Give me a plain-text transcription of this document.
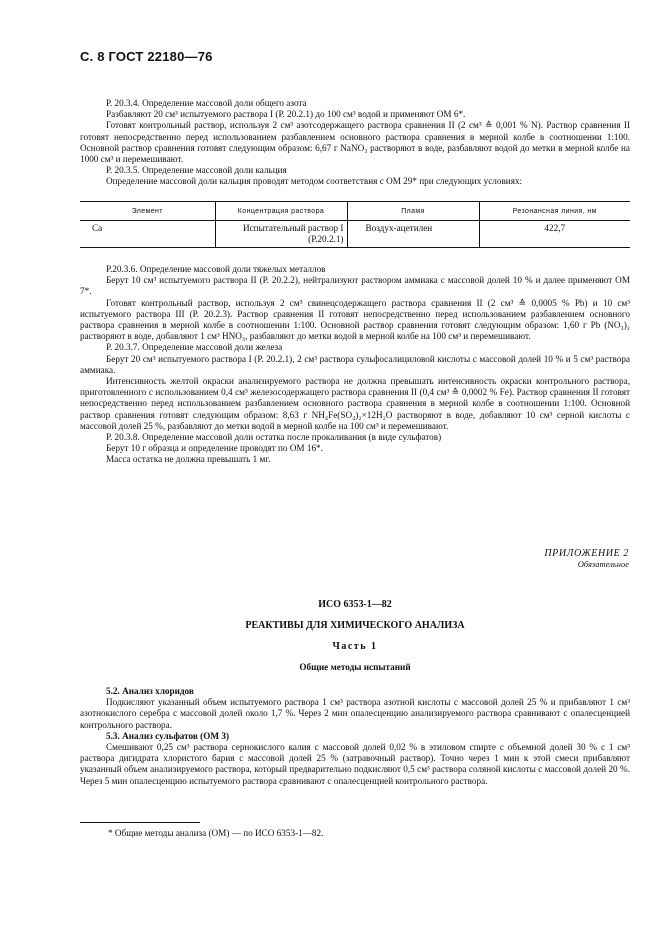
С. 8 ГОСТ 22180—76

Р. 20.3.4. Определение массовой доли общего азота

Разбавляют 20 см³ испытуемого раствора I (Р. 20.2.1) до 100 см³ водой и применяют ОМ 6*.

Готовят контрольный раствор, используя 2 см³ азотсодержащего раствора сравнения II (2 см³ ≙ 0,001 % N). Раствор сравнения II готовят непосредственно перед использованием разбавлением основного раствора сравнения в мерной колбе в соотношении 1:100. Основной раствор сравнения готовят следующим образом: 6,67 г NaNO₃ растворяют в воде, разбавляют водой до метки в мерной колбе на 1000 см³ и перемешивают.

Р. 20.3.5. Определение массовой доли кальция

Определение массовой доли кальция проводят методом соответствия с ОМ 29* при следующих условиях:

Элемент	Концентрация раствора	Пламя	Резонансная линия, нм
Са	Испытательный раствор I (Р.20.2.1)	Воздух-ацетилен	422,7

Р.20.3.6. Определение массовой доли тяжелых металлов

Берут 10 см³ испытуемого раствора II (Р. 20.2.2), нейтрализуют раствором аммиака с массовой долей 10 % и далее применяют ОМ 7*.

Готовят контрольный раствор, используя 2 см³ свинецсодержащего раствора сравнения II (2 см³ ≙ 0,0005 % Pb) и 10 см³ испытуемого раствора III (Р. 20.2.3). Раствор сравнения II готовят непосредственно перед использованием разбавлением основного раствора сравнения в мерной колбе в соотношении 1:100. Основной раствор сравнения готовят следующим образом: 1,60 г Pb (NO₃)₂ растворяют в воде, добавляют 1 см³ HNO₃, разбавляют до метки водой в мерной колбе на 100 см³ и перемешивают.

Р. 20.3.7. Определение массовой доли железа

Берут 20 см³ испытуемого раствора I (Р. 20.2.1), 2 см³ раствора сульфосалициловой кислоты с массовой долей 10 % и 5 см³ раствора аммиака.

Интенсивность желтой окраски анализируемого раствора не должна превышать интенсивность окраски контрольного раствора, приготовленного с использованием 0,4 см³ железосодержащего раствора сравнения II (0,4 см³ ≙ 0,0002 % Fe). Раствор сравнения II готовят непосредственно перед использованием разбавлением основного раствора сравнения в мерной колбе в соотношении 1:100. Основной раствор сравнения готовят следующим образом: 8,63 г NH₄Fe(SO₄)₂×12H₂O растворяют в воде, добавляют 10 см³ серной кислоты с массовой долей 25 %, разбавляют до метки водой в мерной колбе на 100 см³ и перемешивают.

Р. 20.3.8. Определение массовой доли остатка после прокаливания (в виде сульфатов)

Берут 10 г образца и определение проводят по ОМ 16*.

Масса остатка не должна превышать 1 мг.

ПРИЛОЖЕНИЕ 2
Обязательное
ИСО 6353-1—82
РЕАКТИВЫ ДЛЯ ХИМИЧЕСКОГО АНАЛИЗА
Часть 1
Общие методы испытаний

5.2. Анализ хлоридов

Подкисляют указанный объем испытуемого раствора 1 см³ раствора азотной кислоты с массовой долей 25 % и прибавляют 1 см³ азотнокислого серебра с массовой долей около 1,7 %. Через 2 мин опалесценцию анализируемого раствора сравнивают с опалесценцией контрольного раствора.

5.3. Анализ сульфатов (ОМ 3)

Смешивают 0,25 см³ раствора сернокислого калия с массовой долей 0,02 % в этиловом спирте с объемной долей 30 % с 1 см³ раствора дигидрата хлористого бария с массовой долей 25 % (затравочный раствор). Точно через 1 мин к этой смеси прибавляют указанный объем анализируемого раствора, который предварительно подкисляют 0,5 см³ раствора соляной кислоты с массовой долей 20 %. Через 5 мин опалесценцию испытуемого раствора сравнивают с опалесценцией контрольного раствора.

* Общие методы анализа (ОМ) — по ИСО 6353-1—82.
